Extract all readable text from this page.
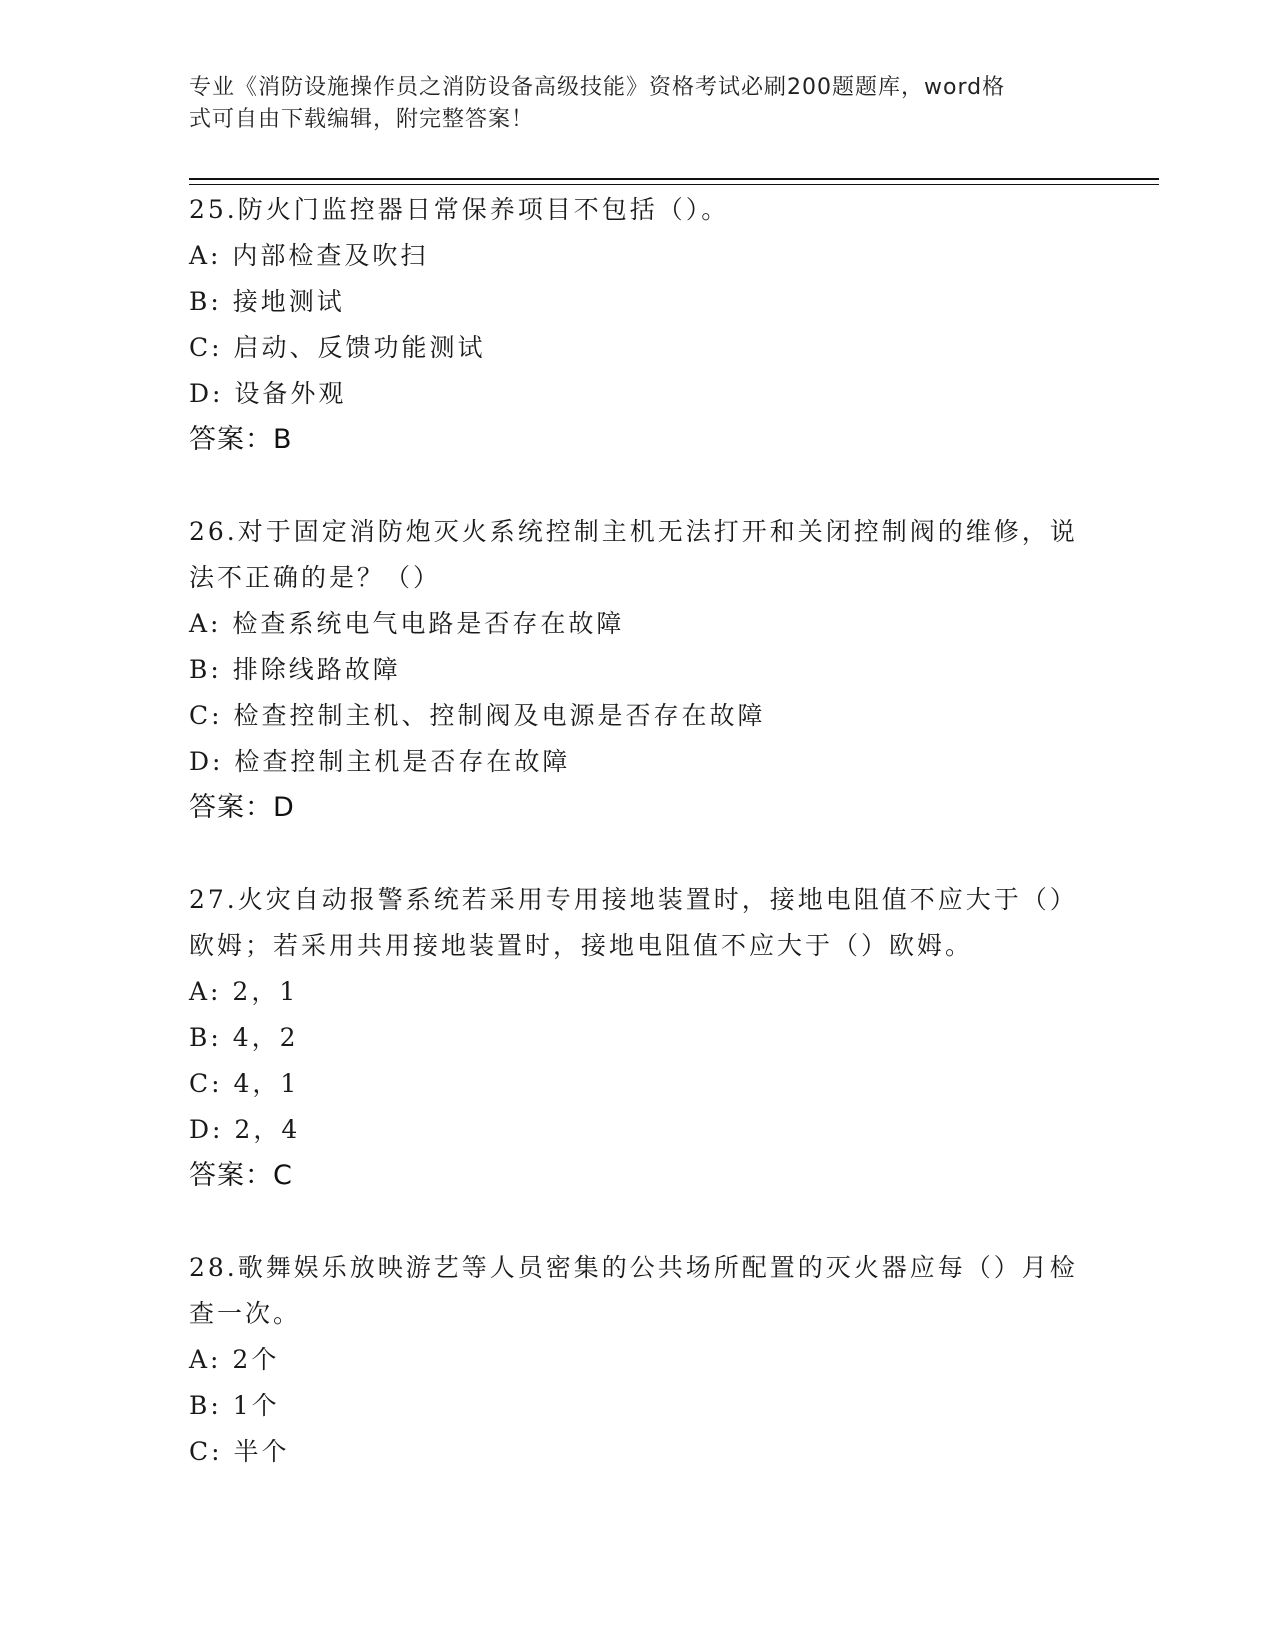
专业《消防设施操作员之消防设备高级技能》资格考试必刷200题题库，word格
式可自由下载编辑，附完整答案！
25.防火门监控器日常保养项目不包括（）。
A: 内部检查及吹扫
B: 接地测试
C: 启动、反馈功能测试
D: 设备外观
答案：B
26.对于固定消防炮灭火系统控制主机无法打开和关闭控制阀的维修，说法不正确的是？（）
A: 检查系统电气电路是否存在故障
B: 排除线路故障
C: 检查控制主机、控制阀及电源是否存在故障
D: 检查控制主机是否存在故障
答案：D
27.火灾自动报警系统若采用专用接地装置时，接地电阻值不应大于（）欧姆；若采用共用接地装置时，接地电阻值不应大于（）欧姆。
A: 2，1
B: 4，2
C: 4，1
D: 2，4
答案：C
28.歌舞娱乐放映游艺等人员密集的公共场所配置的灭火器应每（）月检查一次。
A: 2个
B: 1个
C: 半个
